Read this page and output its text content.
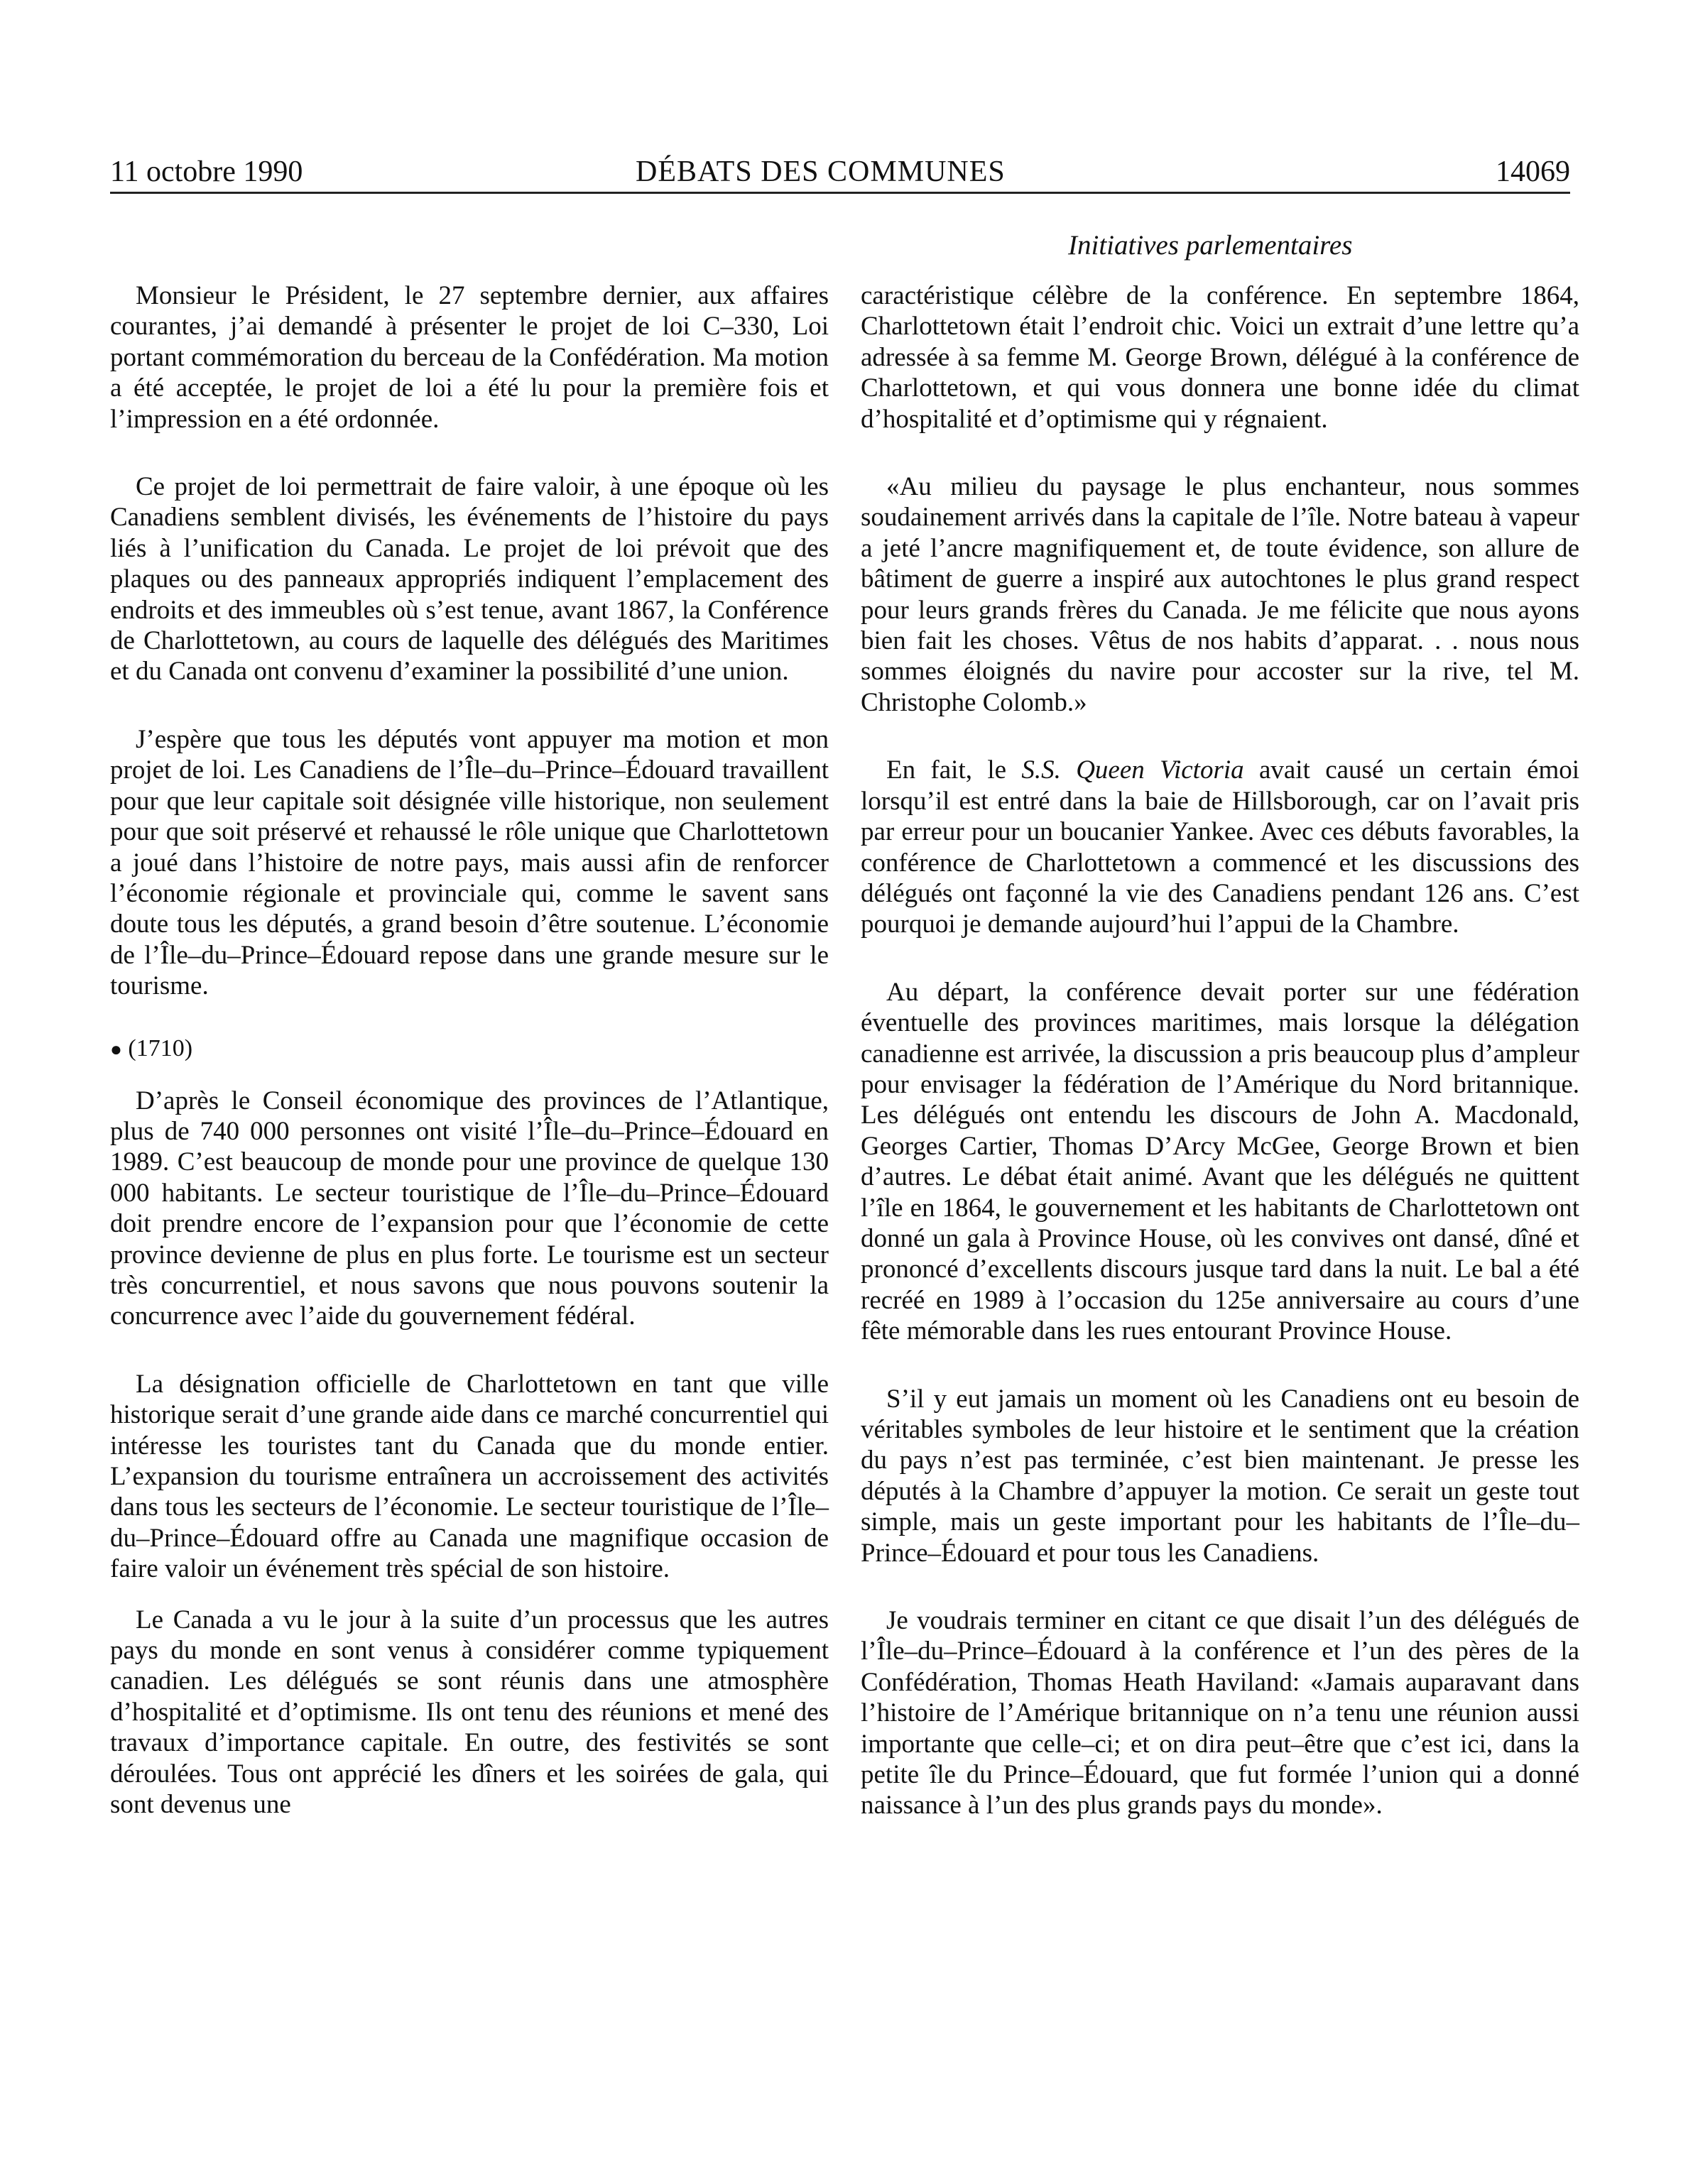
11 octobre 1990	DÉBATS DES COMMUNES	14069
Initiatives parlementaires

Monsieur le Président, le 27 septembre dernier, aux affaires courantes, j’ai demandé à présenter le projet de loi C–330, Loi portant commémoration du berceau de la Confédération. Ma motion a été acceptée, le projet de loi a été lu pour la première fois et l’impression en a été ordonnée.

Ce projet de loi permettrait de faire valoir, à une époque où les Canadiens semblent divisés, les événements de l’histoire du pays liés à l’unification du Canada. Le projet de loi prévoit que des plaques ou des panneaux appropriés indiquent l’emplacement des endroits et des immeubles où s’est tenue, avant 1867, la Conférence de Charlottetown, au cours de laquelle des délégués des Maritimes et du Canada ont convenu d’examiner la possibilité d’une union.

J’espère que tous les députés vont appuyer ma motion et mon projet de loi. Les Canadiens de l’Île–du–Prince–Édouard travaillent pour que leur capitale soit désignée ville historique, non seulement pour que soit préservé et rehaussé le rôle unique que Charlottetown a joué dans l’histoire de notre pays, mais aussi afin de renforcer l’économie régionale et provinciale qui, comme le savent sans doute tous les députés, a grand besoin d’être soutenue. L’économie de l’Île–du–Prince–Édouard repose dans une grande mesure sur le tourisme.

● (1710)

D’après le Conseil économique des provinces de l’Atlantique, plus de 740 000 personnes ont visité l’Île–du–Prince–Édouard en 1989. C’est beaucoup de monde pour une province de quelque 130 000 habitants. Le secteur touristique de l’Île–du–Prince–Édouard doit prendre encore de l’expansion pour que l’économie de cette province devienne de plus en plus forte. Le tourisme est un secteur très concurrentiel, et nous savons que nous pouvons soutenir la concurrence avec l’aide du gouvernement fédéral.

La désignation officielle de Charlottetown en tant que ville historique serait d’une grande aide dans ce marché concurrentiel qui intéresse les touristes tant du Canada que du monde entier. L’expansion du tourisme entraînera un accroissement des activités dans tous les secteurs de l’économie. Le secteur touristique de l’Île–du–Prince–Édouard offre au Canada une magnifique occasion de faire valoir un événement très spécial de son histoire.

Le Canada a vu le jour à la suite d’un processus que les autres pays du monde en sont venus à considérer comme typiquement canadien. Les délégués se sont réunis dans une atmosphère d’hospitalité et d’optimisme. Ils ont tenu des réunions et mené des travaux d’importance capitale. En outre, des festivités se sont déroulées. Tous ont apprécié les dîners et les soirées de gala, qui sont devenus une

caractéristique célèbre de la conférence. En septembre 1864, Charlottetown était l’endroit chic. Voici un extrait d’une lettre qu’a adressée à sa femme M. George Brown, délégué à la conférence de Charlottetown, et qui vous donnera une bonne idée du climat d’hospitalité et d’optimisme qui y régnaient.

«Au milieu du paysage le plus enchanteur, nous sommes soudainement arrivés dans la capitale de l’île. Notre bateau à vapeur a jeté l’ancre magnifiquement et, de toute évidence, son allure de bâtiment de guerre a inspiré aux autochtones le plus grand respect pour leurs grands frères du Canada. Je me félicite que nous ayons bien fait les choses. Vêtus de nos habits d’apparat. . . nous nous sommes éloignés du navire pour accoster sur la rive, tel M. Christophe Colomb.»

En fait, le S.S. Queen Victoria avait causé un certain émoi lorsqu’il est entré dans la baie de Hillsborough, car on l’avait pris par erreur pour un boucanier Yankee. Avec ces débuts favorables, la conférence de Charlottetown a commencé et les discussions des délégués ont façonné la vie des Canadiens pendant 126 ans. C’est pourquoi je demande aujourd’hui l’appui de la Chambre.

Au départ, la conférence devait porter sur une fédération éventuelle des provinces maritimes, mais lorsque la délégation canadienne est arrivée, la discussion a pris beaucoup plus d’ampleur pour envisager la fédération de l’Amérique du Nord britannique. Les délégués ont entendu les discours de John A. Macdonald, Georges Cartier, Thomas D’Arcy McGee, George Brown et bien d’autres. Le débat était animé. Avant que les délégués ne quittent l’île en 1864, le gouvernement et les habitants de Charlottetown ont donné un gala à Province House, où les convives ont dansé, dîné et prononcé d’excellents discours jusque tard dans la nuit. Le bal a été recréé en 1989 à l’occasion du 125e anniversaire au cours d’une fête mémorable dans les rues entourant Province House.

S’il y eut jamais un moment où les Canadiens ont eu besoin de véritables symboles de leur histoire et le sentiment que la création du pays n’est pas terminée, c’est bien maintenant. Je presse les députés à la Chambre d’appuyer la motion. Ce serait un geste tout simple, mais un geste important pour les habitants de l’Île–du–Prince–Édouard et pour tous les Canadiens.

Je voudrais terminer en citant ce que disait l’un des délégués de l’Île–du–Prince–Édouard à la conférence et l’un des pères de la Confédération, Thomas Heath Haviland: «Jamais auparavant dans l’histoire de l’Amérique britannique on n’a tenu une réunion aussi importante que celle–ci; et on dira peut–être que c’est ici, dans la petite île du Prince–Édouard, que fut formée l’union qui a donné naissance à l’un des plus grands pays du monde».
